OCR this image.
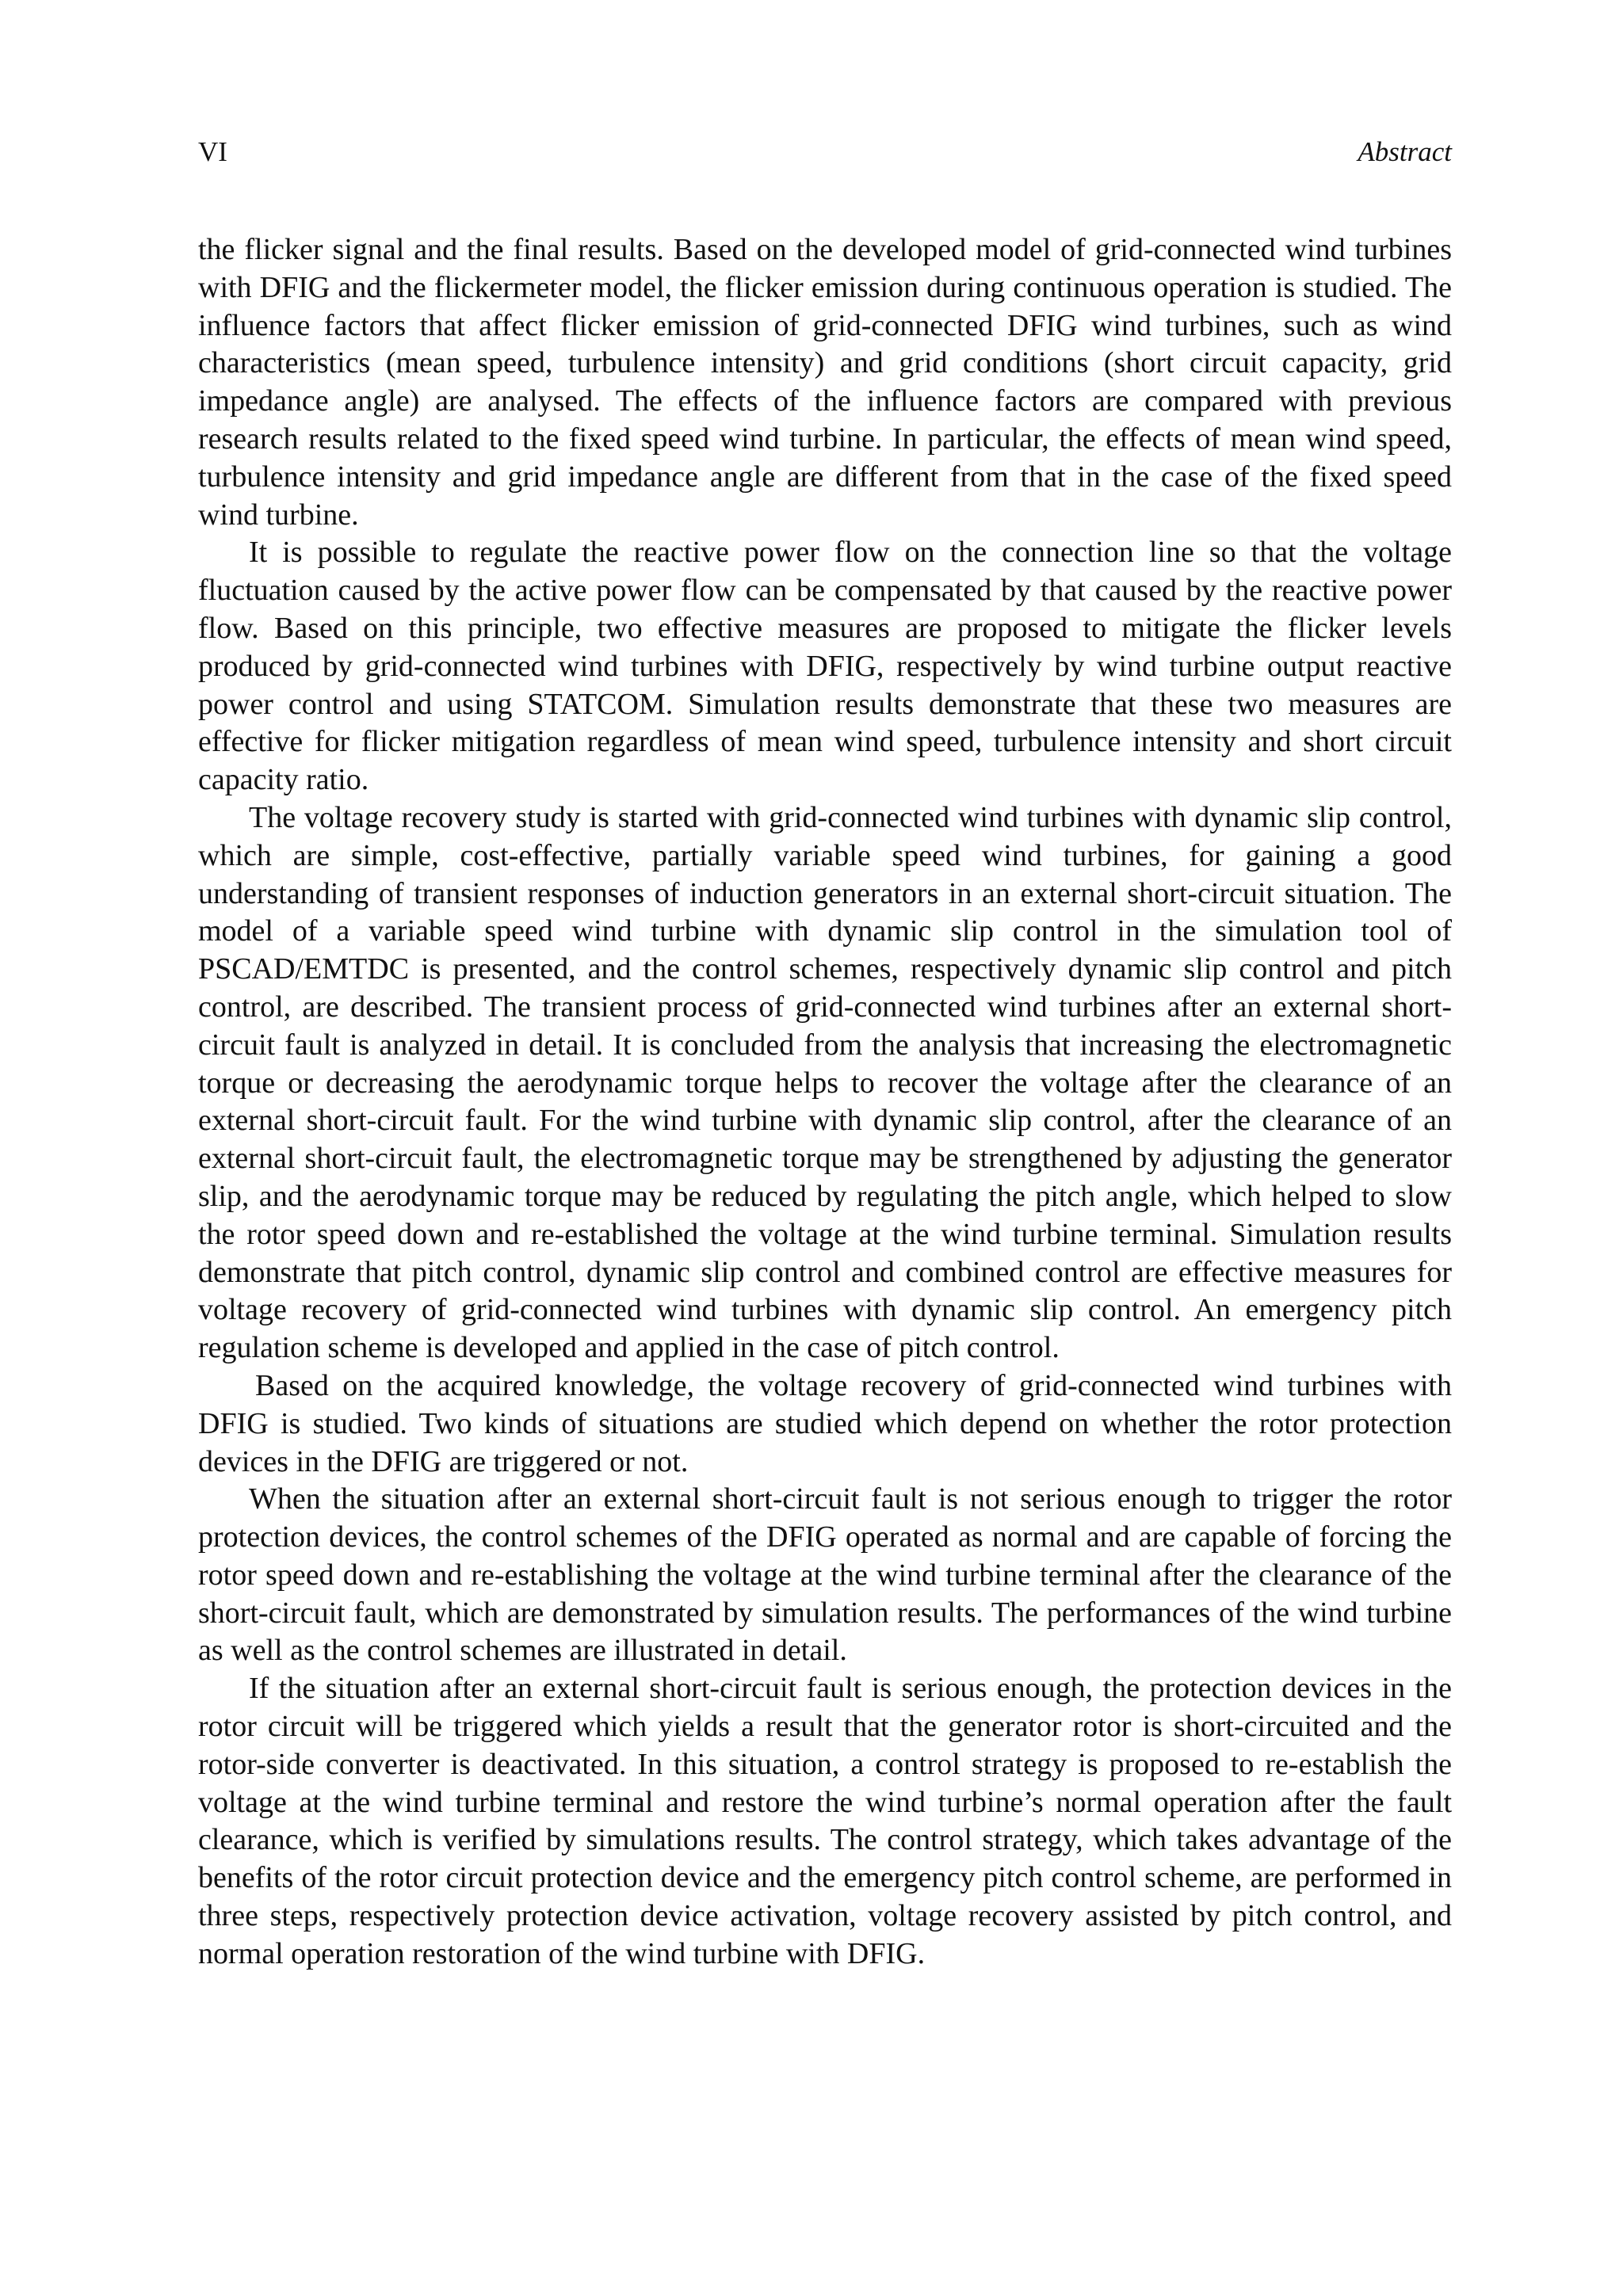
VI	Abstract

the flicker signal and the final results. Based on the developed model of grid-connected wind turbines with DFIG and the flickermeter model, the flicker emission during continuous operation is studied. The influence factors that affect flicker emission of grid-connected DFIG wind turbines, such as wind characteristics (mean speed, turbulence intensity) and grid conditions (short circuit capacity, grid impedance angle) are analysed. The effects of the influence factors are compared with previous research results related to the fixed speed wind turbine. In particular, the effects of mean wind speed, turbulence intensity and grid impedance angle are different from that in the case of the fixed speed wind turbine.

It is possible to regulate the reactive power flow on the connection line so that the voltage fluctuation caused by the active power flow can be compensated by that caused by the reactive power flow. Based on this principle, two effective measures are proposed to mitigate the flicker levels produced by grid-connected wind turbines with DFIG, respectively by wind turbine output reactive power control and using STATCOM. Simulation results demonstrate that these two measures are effective for flicker mitigation regardless of mean wind speed, turbulence intensity and short circuit capacity ratio.

The voltage recovery study is started with grid-connected wind turbines with dynamic slip control, which are simple, cost-effective, partially variable speed wind turbines, for gaining a good understanding of transient responses of induction generators in an external short-circuit situation. The model of a variable speed wind turbine with dynamic slip control in the simulation tool of PSCAD/EMTDC is presented, and the control schemes, respectively dynamic slip control and pitch control, are described. The transient process of grid-connected wind turbines after an external short-circuit fault is analyzed in detail. It is concluded from the analysis that increasing the electromagnetic torque or decreasing the aerodynamic torque helps to recover the voltage after the clearance of an external short-circuit fault. For the wind turbine with dynamic slip control, after the clearance of an external short-circuit fault, the electromagnetic torque may be strengthened by adjusting the generator slip, and the aerodynamic torque may be reduced by regulating the pitch angle, which helped to slow the rotor speed down and re-established the voltage at the wind turbine terminal. Simulation results demonstrate that pitch control, dynamic slip control and combined control are effective measures for voltage recovery of grid-connected wind turbines with dynamic slip control. An emergency pitch regulation scheme is developed and applied in the case of pitch control.

Based on the acquired knowledge, the voltage recovery of grid-connected wind turbines with DFIG is studied. Two kinds of situations are studied which depend on whether the rotor protection devices in the DFIG are triggered or not.

When the situation after an external short-circuit fault is not serious enough to trigger the rotor protection devices, the control schemes of the DFIG operated as normal and are capable of forcing the rotor speed down and re-establishing the voltage at the wind turbine terminal after the clearance of the short-circuit fault, which are demonstrated by simulation results. The performances of the wind turbine as well as the control schemes are illustrated in detail.

If the situation after an external short-circuit fault is serious enough, the protection devices in the rotor circuit will be triggered which yields a result that the generator rotor is short-circuited and the rotor-side converter is deactivated. In this situation, a control strategy is proposed to re-establish the voltage at the wind turbine terminal and restore the wind turbine’s normal operation after the fault clearance, which is verified by simulations results. The control strategy, which takes advantage of the benefits of the rotor circuit protection device and the emergency pitch control scheme, are performed in three steps, respectively protection device activation, voltage recovery assisted by pitch control, and normal operation restoration of the wind turbine with DFIG.
